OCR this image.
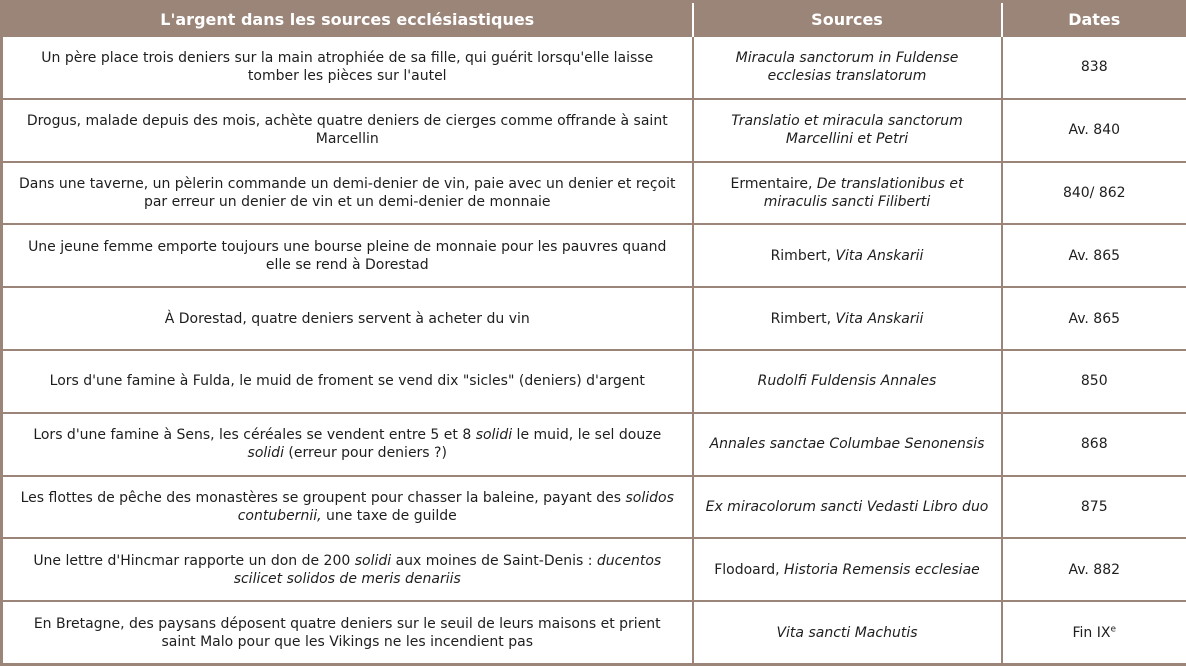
L'argent dans les sources ecclésiastiques	Sources	Dates
Un père place trois deniers sur la main atrophiée de sa fille, qui guérit lorsqu'elle laisse tomber les pièces sur l'autel	Miracula sanctorum in Fuldense ecclesias translatorum	838
Drogus, malade depuis des mois, achète quatre deniers de cierges comme offrande à saint Marcellin	Translatio et miracula sanctorum Marcellini et Petri	Av. 840
Dans une taverne, un pèlerin commande un demi-denier de vin, paie avec un denier et reçoit par erreur un denier de vin et un demi-denier de monnaie	Ermentaire, De translationibus et miraculis sancti Filiberti	840/ 862
Une jeune femme emporte toujours une bourse pleine de monnaie pour les pauvres quand elle se rend à Dorestad	Rimbert, Vita Anskarii	Av. 865
À Dorestad, quatre deniers servent à acheter du vin	Rimbert, Vita Anskarii	Av. 865
Lors d'une famine à Fulda, le muid de froment se vend dix "sicles" (deniers) d'argent	Rudolfi Fuldensis Annales	850
Lors d'une famine à Sens, les céréales se vendent entre 5 et 8 solidi le muid, le sel douze solidi (erreur pour deniers ?)	Annales sanctae Columbae Senonensis	868
Les flottes de pêche des monastères se groupent pour chasser la baleine, payant des solidos contubernii, une taxe de guilde	Ex miracolorum sancti Vedasti Libro duo	875
Une lettre d'Hincmar rapporte un don de 200 solidi aux moines de Saint-Denis : ducentos scilicet solidos de meris denariis	Flodoard, Historia Remensis ecclesiae	Av. 882
En Bretagne, des paysans déposent quatre deniers sur le seuil de leurs maisons et prient saint Malo pour que les Vikings ne les incendient pas	Vita sancti Machutis	Fin IXe
